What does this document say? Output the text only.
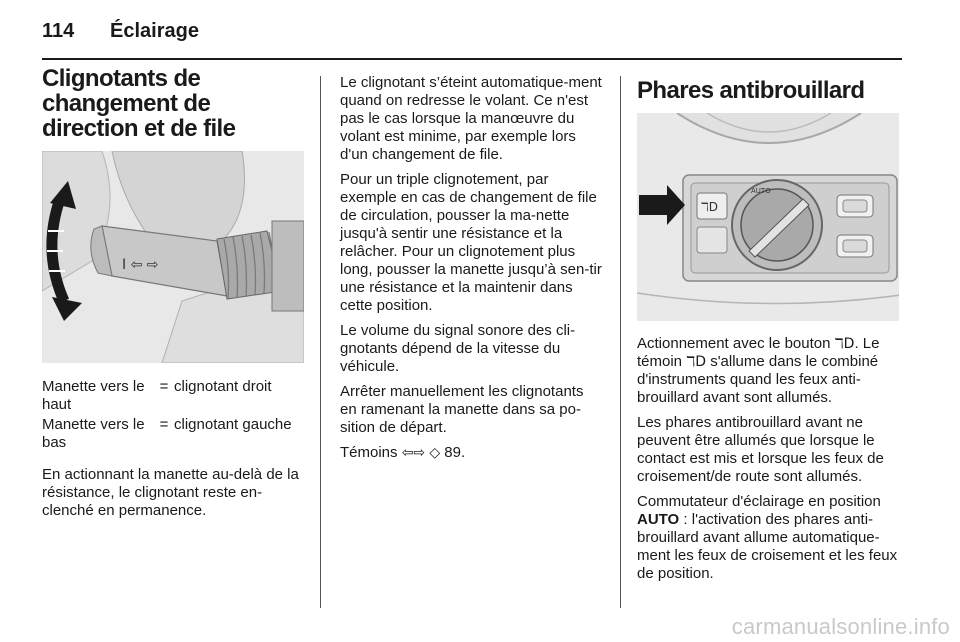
114	Éclairage
Clignotants de changement de direction et de file
I ⇦ ⇨
Manette vers le haut	=	clignotant droit
Manette vers le bas	=	clignotant gauche

En actionnant la manette au-delà de la résistance, le clignotant reste en-clenché en permanence.

Le clignotant s’éteint automatique-ment quand on redresse le volant. Ce n'est pas le cas lorsque la manœuvre du volant est minime, par exemple lors d'un changement de file.

Pour un triple clignotement, par exemple en cas de changement de file de circulation, pousser la ma-nette jusqu'à sentir une résistance et la relâcher. Pour un clignotement plus long, pousser la manette jusqu’à sen-tir une résistance et la maintenir dans cette position.

Le volume du signal sonore des cli-gnotants dépend de la vitesse du véhicule.

Arrêter manuellement les clignotants en ramenant la manette dans sa po-sition de départ.

Témoins ⇦⇨ ◇ 89.

Phares antibrouillard
ℸD
AUTO

Actionnement avec le bouton ℸD. Le témoin ℸD s'allume dans le combiné d'instruments quand les feux anti-brouillard avant sont allumés.

Les phares antibrouillard avant ne peuvent être allumés que lorsque le contact est mis et lorsque les feux de croisement/de route sont allumés.

Commutateur d'éclairage en position AUTO : l'activation des phares anti-brouillard avant allume automatique-ment les feux de croisement et les feux de position.

carmanualsonline.info
